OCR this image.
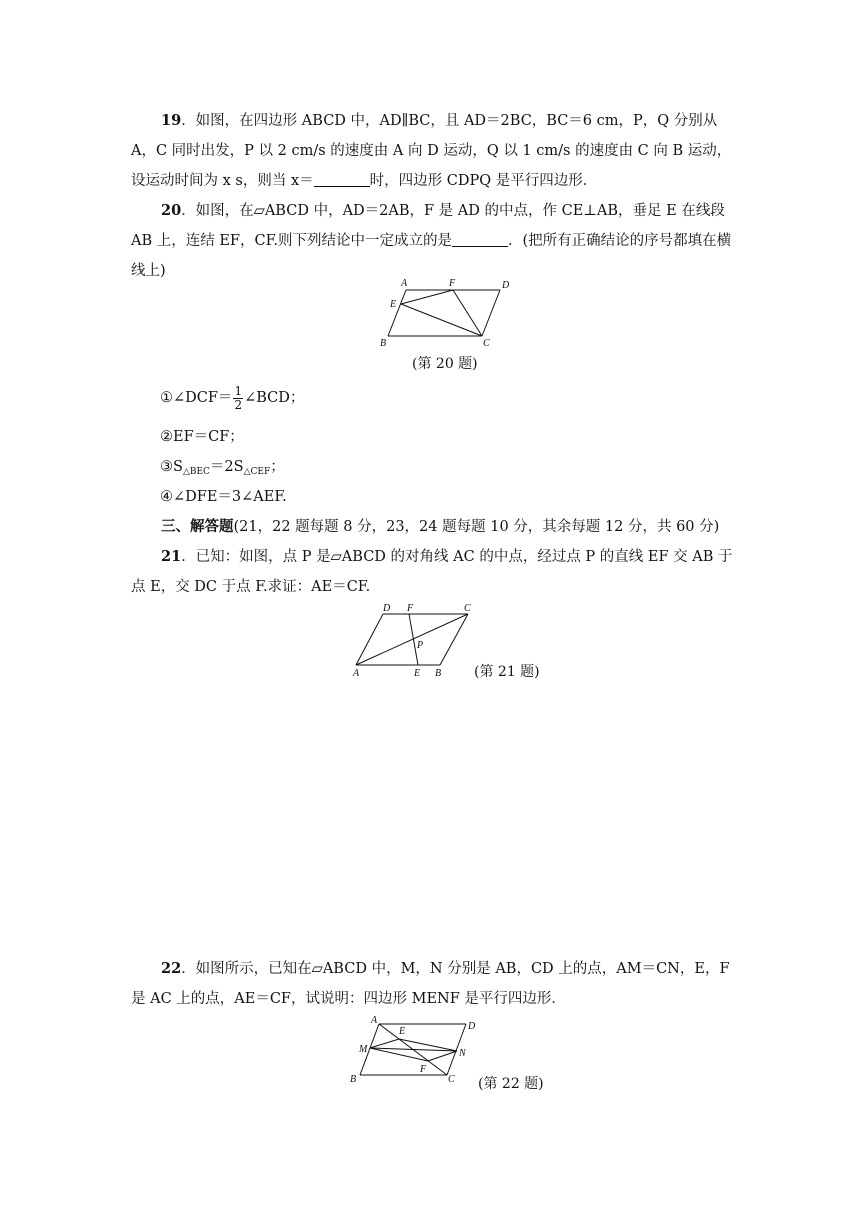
19．如图，在四边形 ABCD 中，AD∥BC，且 AD＝2BC，BC＝6 cm，P，Q 分别从 A，C 同时出发，P 以 2 cm/s 的速度由 A 向 D 运动，Q 以 1 cm/s 的速度由 C 向 B 运动，设运动时间为 x s，则当 x＝	时，四边形 CDPQ 是平行四边形．
20．如图，在▱ABCD 中，AD＝2AB，F 是 AD 的中点，作 CE⊥AB，垂足 E 在线段 AB 上，连结 EF，CF.则下列结论中一定成立的是	．(把所有正确结论的序号都填在横线上)
A	F	D
E
B	C
(第 20 题)
①∠DCF＝ $\frac{1}{2}$ ∠BCD；
②EF＝CF；
$③S_{\triangle BEC}=2S_{\triangle CEF}$；
④∠DFE＝3∠AEF.
三、解答题(21，22 题每题 8 分，23，24 题每题 10 分，其余每题 12 分，共 60 分)
21．已知：如图，点 P 是▱ABCD 的对角线 AC 的中点，经过点 P 的直线 EF 交 AB 于点 E，交 DC 于点 F.求证：AE＝CF.
D F	C
P
A	E B (第 21 题)
22．如图所示，已知在▱ABCD 中，M，N 分别是 AB，CD 上的点，AM＝CN，E，F 是 AC 上的点，AE＝CF，试说明：四边形 MENF 是平行四边形．
A
E	D
M	N
F
B	C (第 22 题)
